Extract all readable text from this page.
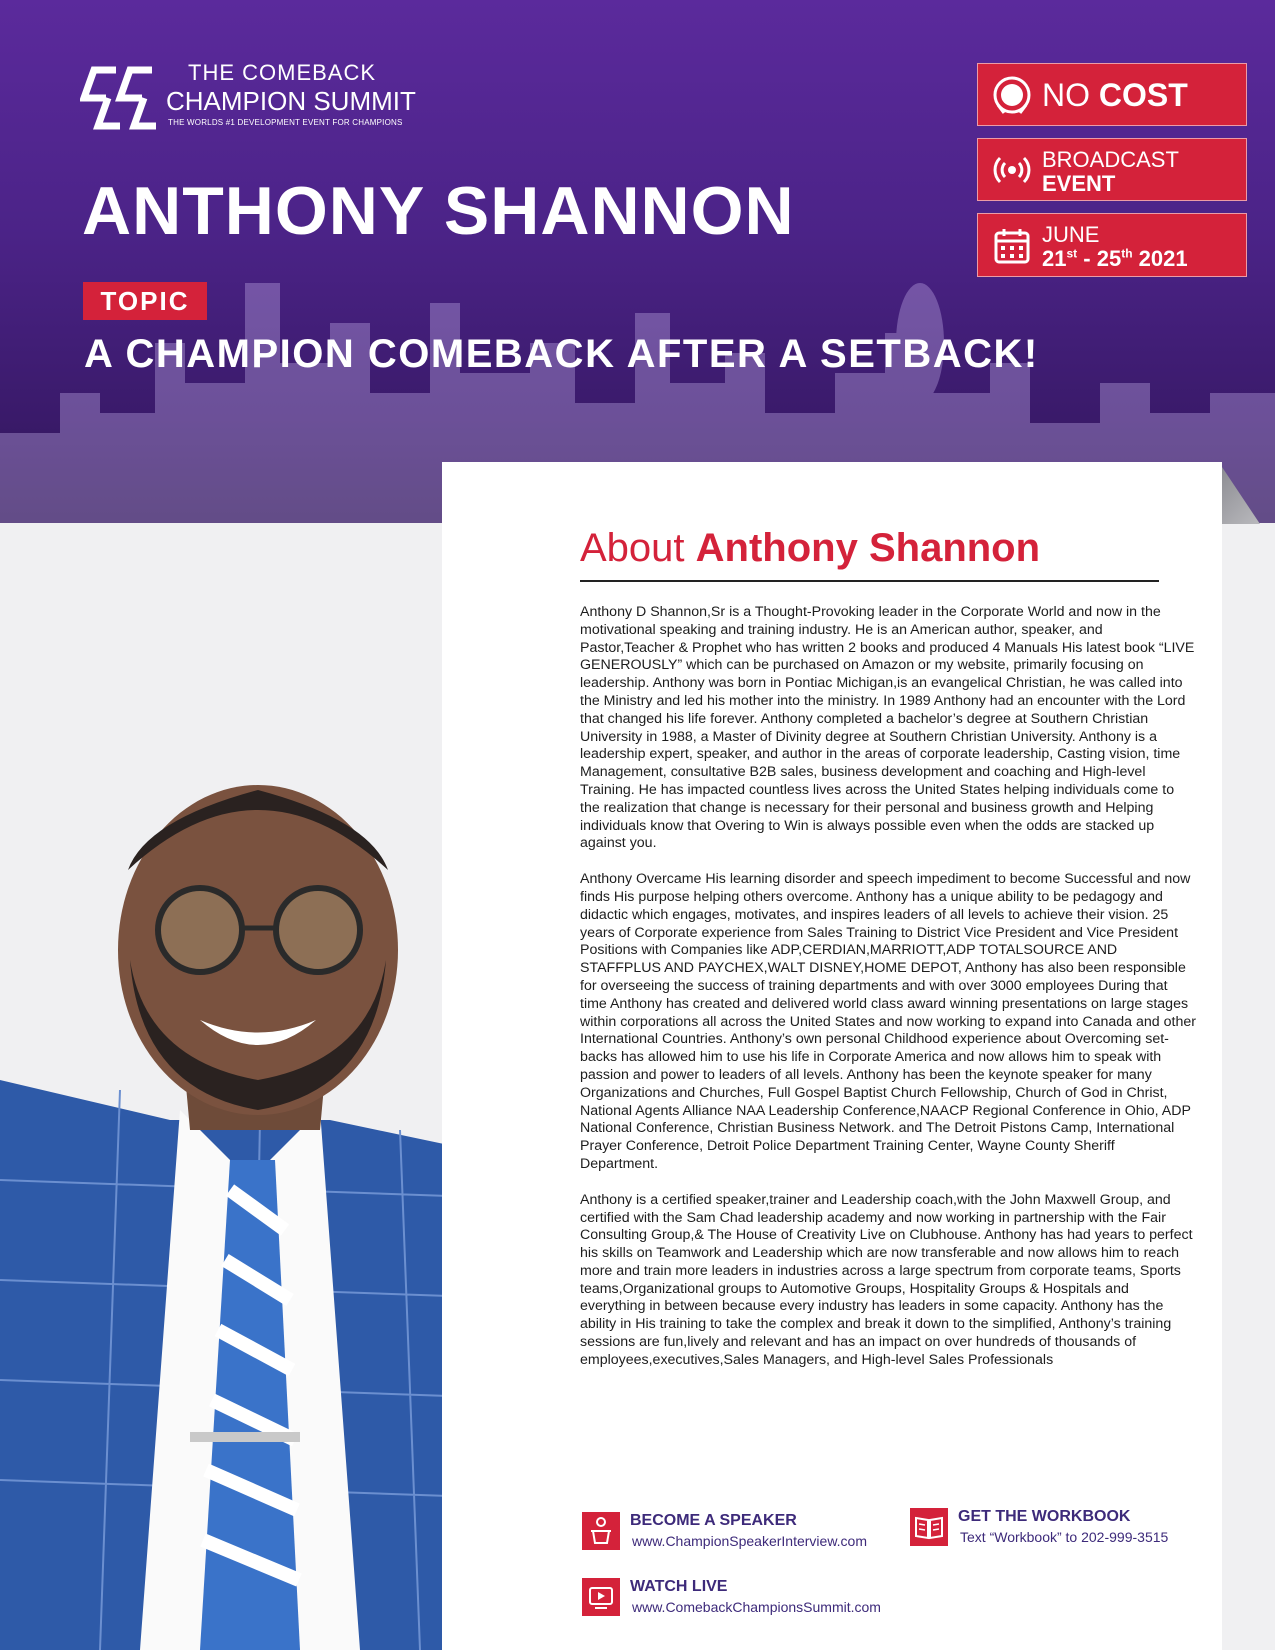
THE COMEBACK
CHAMPION SUMMIT
THE WORLDS #1 DEVELOPMENT EVENT FOR CHAMPIONS
ANTHONY SHANNON
TOPIC
A CHAMPION COMEBACK AFTER A SETBACK!
NO COST
BROADCAST
EVENT
JUNE
21st - 25th 2021
About Anthony Shannon

Anthony D Shannon,Sr is a Thought-Provoking leader in the Corporate World and now in the motivational speaking and training industry. He is an American author, speaker, and Pastor,Teacher & Prophet who has written 2 books and produced 4 Manuals His latest book “LIVE GENEROUSLY” which can be purchased on Amazon or my website, primarily focusing on leadership. Anthony was born in Pontiac Michigan,is an evangelical Christian, he was called into the Ministry and led his mother into the ministry. In 1989 Anthony had an encounter with the Lord that changed his life forever. Anthony completed a bachelor’s degree at Southern Christian University in 1988, a Master of Divinity degree at Southern Christian University. Anthony is a leadership expert, speaker, and author in the areas of corporate leadership, Casting vision, time Management, consultative B2B sales, business development and coaching and High-level Training. He has impacted countless lives across the United States helping individuals come to the realization that change is necessary for their personal and business growth and Helping individuals know that Overing to Win is always possible even when the odds are stacked up against you.

Anthony Overcame His learning disorder and speech impediment to become Successful and now finds His purpose helping others overcome. Anthony has a unique ability to be pedagogy and didactic which engages, motivates, and inspires leaders of all levels to achieve their vision. 25 years of Corporate experience from Sales Training to District Vice President and Vice President Positions with Companies like ADP,CERDIAN,MARRIOTT,ADP TOTALSOURCE AND STAFFPLUS AND PAYCHEX,WALT DISNEY,HOME DEPOT, Anthony has also been responsible for overseeing the success of training departments and with over 3000 employees During that time Anthony has created and delivered world class award winning presentations on large stages within corporations all across the United States and now working to expand into Canada and other International Countries. Anthony’s own personal Childhood experience about Overcoming set-backs has allowed him to use his life in Corporate America and now allows him to speak with passion and power to leaders of all levels. Anthony has been the keynote speaker for many Organizations and Churches, Full Gospel Baptist Church Fellowship, Church of God in Christ, National Agents Alliance NAA Leadership Conference,NAACP Regional Conference in Ohio, ADP National Conference, Christian Business Network. and The Detroit Pistons Camp, International Prayer Conference, Detroit Police Department Training Center, Wayne County Sheriff Department.

Anthony is a certified speaker,trainer and Leadership coach,with the John Maxwell Group, and certified with the Sam Chad leadership academy and now working in partnership with the Fair Consulting Group,& The House of Creativity Live on Clubhouse. Anthony has had years to perfect his skills on Teamwork and Leadership which are now transferable and now allows him to reach more and train more leaders in industries across a large spectrum from corporate teams, Sports teams,Organizational groups to Automotive Groups, Hospitality Groups & Hospitals and everything in between because every industry has leaders in some capacity. Anthony has the ability in His training to take the complex and break it down to the simplified, Anthony’s training sessions are fun,lively and relevant and has an impact on over hundreds of thousands of employees,executives,Sales Managers, and High-level Sales Professionals

BECOME A SPEAKER
www.ChampionSpeakerInterview.com
GET THE WORKBOOK
Text “Workbook” to 202-999-3515
WATCH LIVE
www.ComebackChampionsSummit.com
